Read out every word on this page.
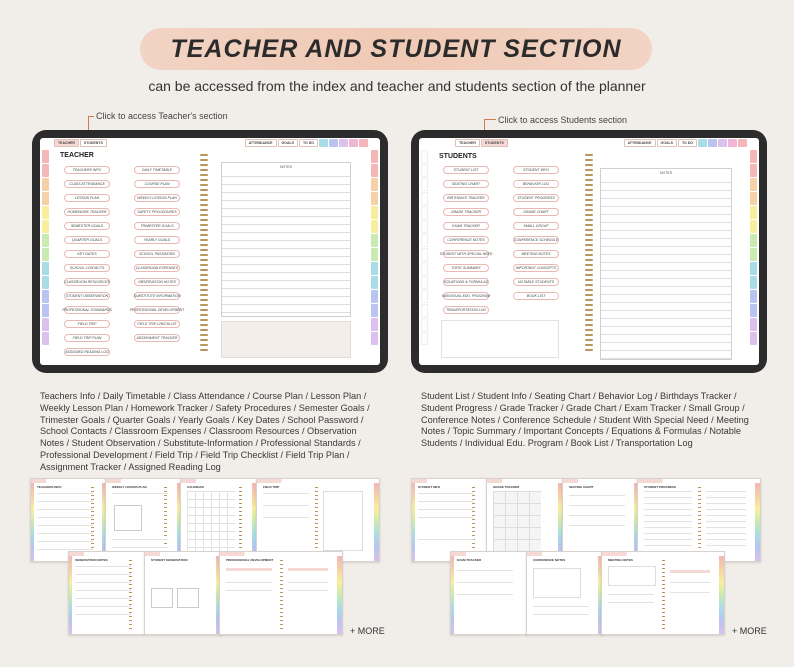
TEACHER AND STUDENT SECTION
can be accessed from the index and teacher and students section of the planner
Click to access Teacher's section	Click to access Students section
TEACHER	STUDENTS	ATTENDANCE	GOALS	TO DO
TEACHER
TEACHERS INFO
CLASS ATTENDANCE
LESSON PLAN
HOMEWORK TRACKER
SEMESTER GOALS
QUARTER GOALS
KEY DATES
SCHOOL CONTACTS
CLASSROOM RESOURCES
STUDENT OBSERVATION
PROFESSIONAL STANDARDS
FIELD TRIP
FIELD TRIP PLAN
ASSIGNED READING LOG
DAILY TIMETABLE
COURSE PLAN
WEEKLY LESSON PLAN
SAFETY PROCEDURES
TRIMESTER GOALS
YEARLY GOALS
SCHOOL PASSWORD
CLASSROOM EXPENSES
OBSERVATION NOTES
SUBSTITUTE INFORMATION
PROFESSIONAL DEVELOPMENT
FIELD TRIP CHECKLIST
ASSIGNMENT TRACKER
NOTES
TEACHER	STUDENTS	ATTENDANCE	GOALS	TO DO
STUDENTS
STUDENT LIST
SEATING CHART
BIRTHDAYS TRACKER
GRADE TRACKER
EXAM TRACKER
CONFERENCE NOTES
STUDENT WITH SPECIAL NEED
TOPIC SUMMARY
EQUATIONS & FORMULAS
INDIVIDUAL EDU. PROGRAM
TRANSPORTATION LOG
STUDENT INFO
BEHAVIOR LOG
STUDENT PROGRESS
GRADE CHART
SMALL GROUP
CONFERENCE SCHEDULE
MEETING NOTES
IMPORTANT CONCEPTS
NOTABLE STUDENTS
BOOK LIST
NOTES
Teachers Info / Daily Timetable / Class Attendance / Course Plan / Lesson Plan / Weekly Lesson Plan / Homework Tracker / Safety Procedures / Semester Goals / Trimester Goals / Quarter Goals / Yearly Goals / Key Dates / School Password / School Contacts / Classroom Expenses / Classroom Resources / Observation Notes / Student Observation / Substitute-Information / Professional Standards / Professional Development / Field Trip / Field Trip Checklist / Field Trip Plan / Assignment Tracker / Assigned Reading Log
Student List / Student Info / Seating Chart / Behavior Log / Birthdays Tracker / Student Progress / Grade Tracker / Grade Chart / Exam Tracker / Small Group / Conference Notes / Conference Schedule / Student With Special Need / Meeting Notes / Topic Summary / Important Concepts / Equations & Formulas / Notable Students / Individual Edu. Program / Book List / Transportation Log
TEACHERS INFO	WEEKLY LESSON PLAN	CALENDAR	FIELD TRIP
OBSERVATION NOTES	STUDENT OBSERVATION	PROFESSIONAL DEVELOPMENT
+ MORE
STUDENT INFO	GRADE TRACKER	SEATING CHART	STUDENT PROGRESS
EXAM TRACKER	CONFERENCE NOTES	MEETING NOTES
+ MORE
